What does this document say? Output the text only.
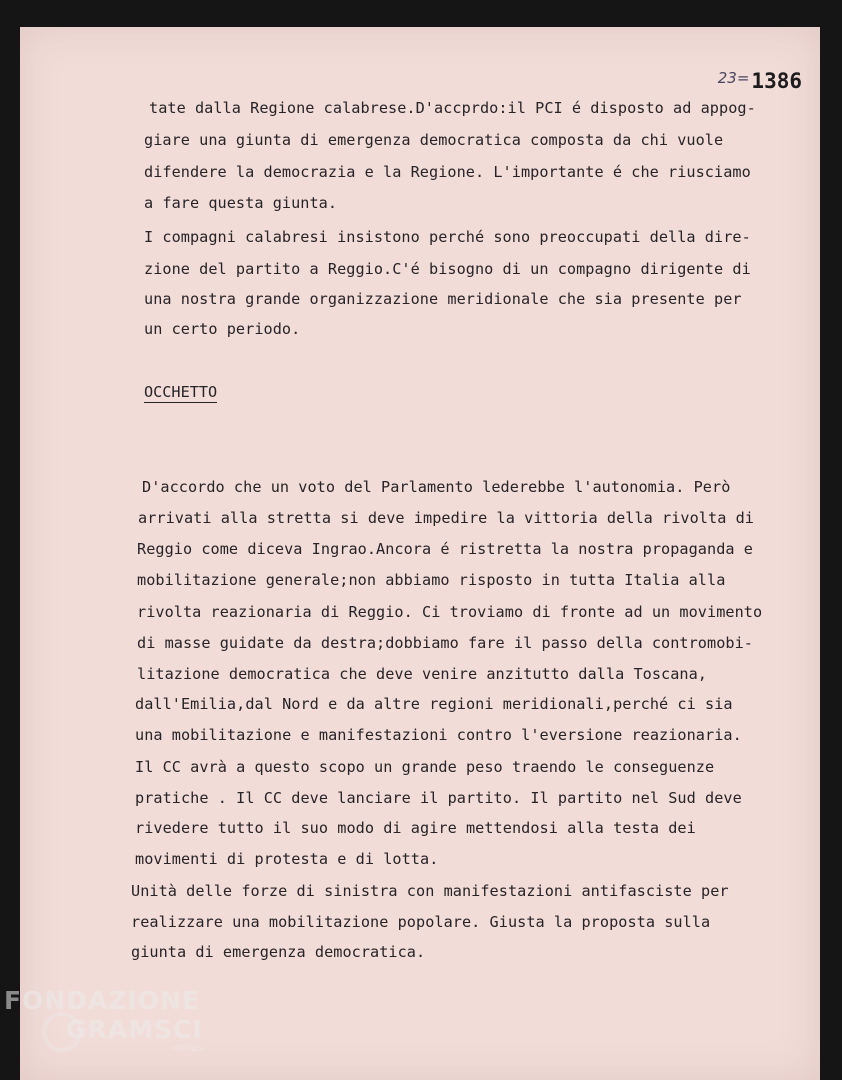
$^{23=}$1386
tate dalla Regione calabrese.D'accprdo:il PCI é disposto ad appog-
giare una giunta di emergenza democratica composta da chi vuole
difendere la democrazia e la Regione. L'importante é che riusciamo
a fare questa giunta.
I compagni calabresi insistono perché sono preoccupati della dire-
zione del partito a Reggio.C'é bisogno di un compagno dirigente di
una nostra grande organizzazione meridionale che sia presente per
un certo periodo.
OCCHETTO
D'accordo che un voto del Parlamento lederebbe l'autonomia. Però
arrivati alla stretta si deve impedire la vittoria della rivolta di
Reggio come diceva Ingrao.Ancora é ristretta la nostra propaganda e
mobilitazione generale;non abbiamo risposto in tutta Italia alla
rivolta reazionaria di Reggio. Ci troviamo di fronte ad un movimento
di masse guidate da destra;dobbiamo fare il passo della contromobi-
litazione democratica che deve venire anzitutto dalla Toscana,
dall'Emilia,dal Nord e da altre regioni meridionali,perché ci sia
una mobilitazione e manifestazioni contro l'eversione reazionaria.
Il CC avrà a questo scopo un grande peso traendo le conseguenze
pratiche . Il CC deve lanciare il partito. Il partito nel Sud deve
rivedere tutto il suo modo di agire mettendosi alla testa dei
movimenti di protesta e di lotta.
Unità delle forze di sinistra con manifestazioni antifasciste per
realizzare una mobilitazione popolare. Giusta la proposta sulla
giunta di emergenza democratica.
FONDAZIONE
GRAMSCI
onlus
